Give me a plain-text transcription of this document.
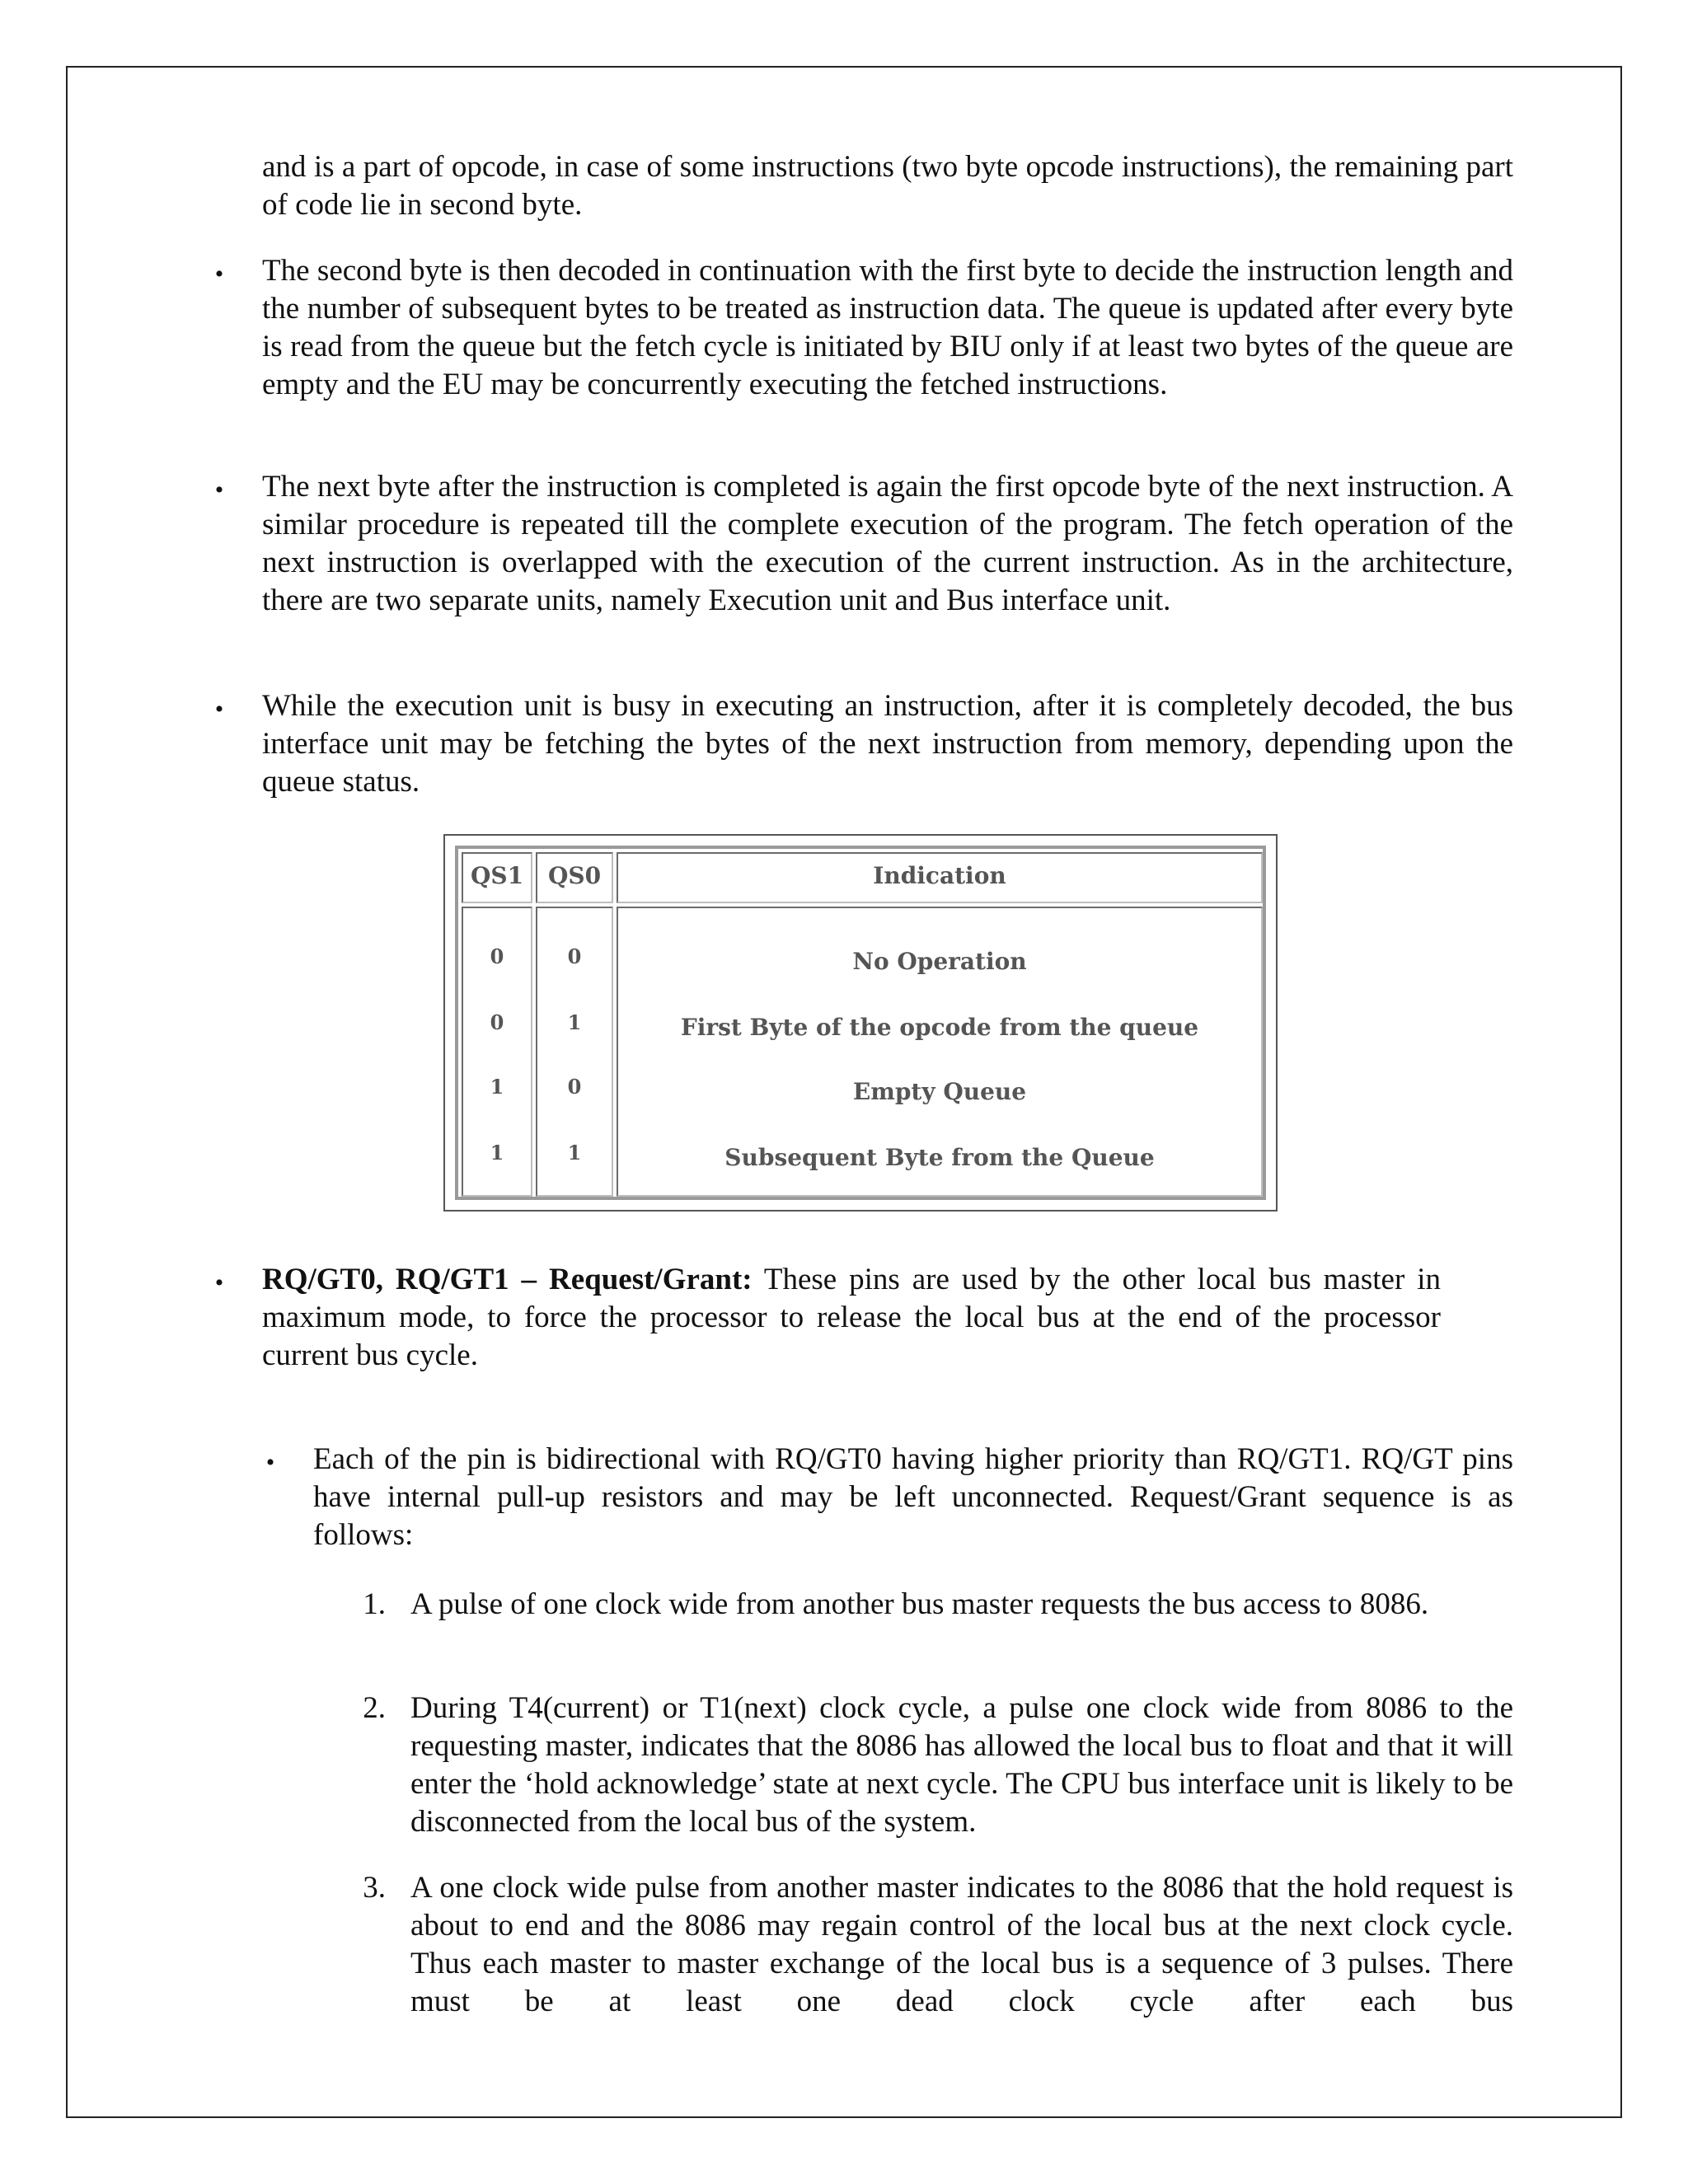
and is a part of opcode, in case of some instructions (two byte opcode instructions), the remaining part of code lie in second byte.

• The second byte is then decoded in continuation with the first byte to decide the instruction length and the number of subsequent bytes to be treated as instruction data. The queue is updated after every byte is read from the queue but the fetch cycle is initiated by BIU only if at least two bytes of the queue are empty and the EU may be concurrently executing the fetched instructions.

• The next byte after the instruction is completed is again the first opcode byte of the next instruction. A similar procedure is repeated till the complete execution of the program. The fetch operation of the next instruction is overlapped with the execution of the current instruction. As in the architecture, there are two separate units, namely Execution unit and Bus interface unit.

• While the execution unit is busy in executing an instruction, after it is completely decoded, the bus interface unit may be fetching the bytes of the next instruction from memory, depending upon the queue status.

QS1	QS0	Indication
0	0	No Operation
0	1	First Byte of the opcode from the queue
1	0	Empty Queue
1	1	Subsequent Byte from the Queue
• RQ/GT0, RQ/GT1 – Request/Grant: These pins are used by the other local bus master in maximum mode, to force the processor to release the local bus at the end of the processor current bus cycle.

• Each of the pin is bidirectional with RQ/GT0 having higher priority than RQ/GT1. RQ/GT pins have internal pull-up resistors and may be left unconnected. Request/Grant sequence is as follows:

1. A pulse of one clock wide from another bus master requests the bus access to 8086.

2. During T4(current) or T1(next) clock cycle, a pulse one clock wide from 8086 to the requesting master, indicates that the 8086 has allowed the local bus to float and that it will enter the ‘hold acknowledge’ state at next cycle. The CPU bus interface unit is likely to be disconnected from the local bus of the system.

3. A one clock wide pulse from another master indicates to the 8086 that the hold request is about to end and the 8086 may regain control of the local bus at the next clock cycle. Thus each master to master exchange of the local bus is a sequence of 3 pulses. There must be at least one dead clock cycle after each bus
